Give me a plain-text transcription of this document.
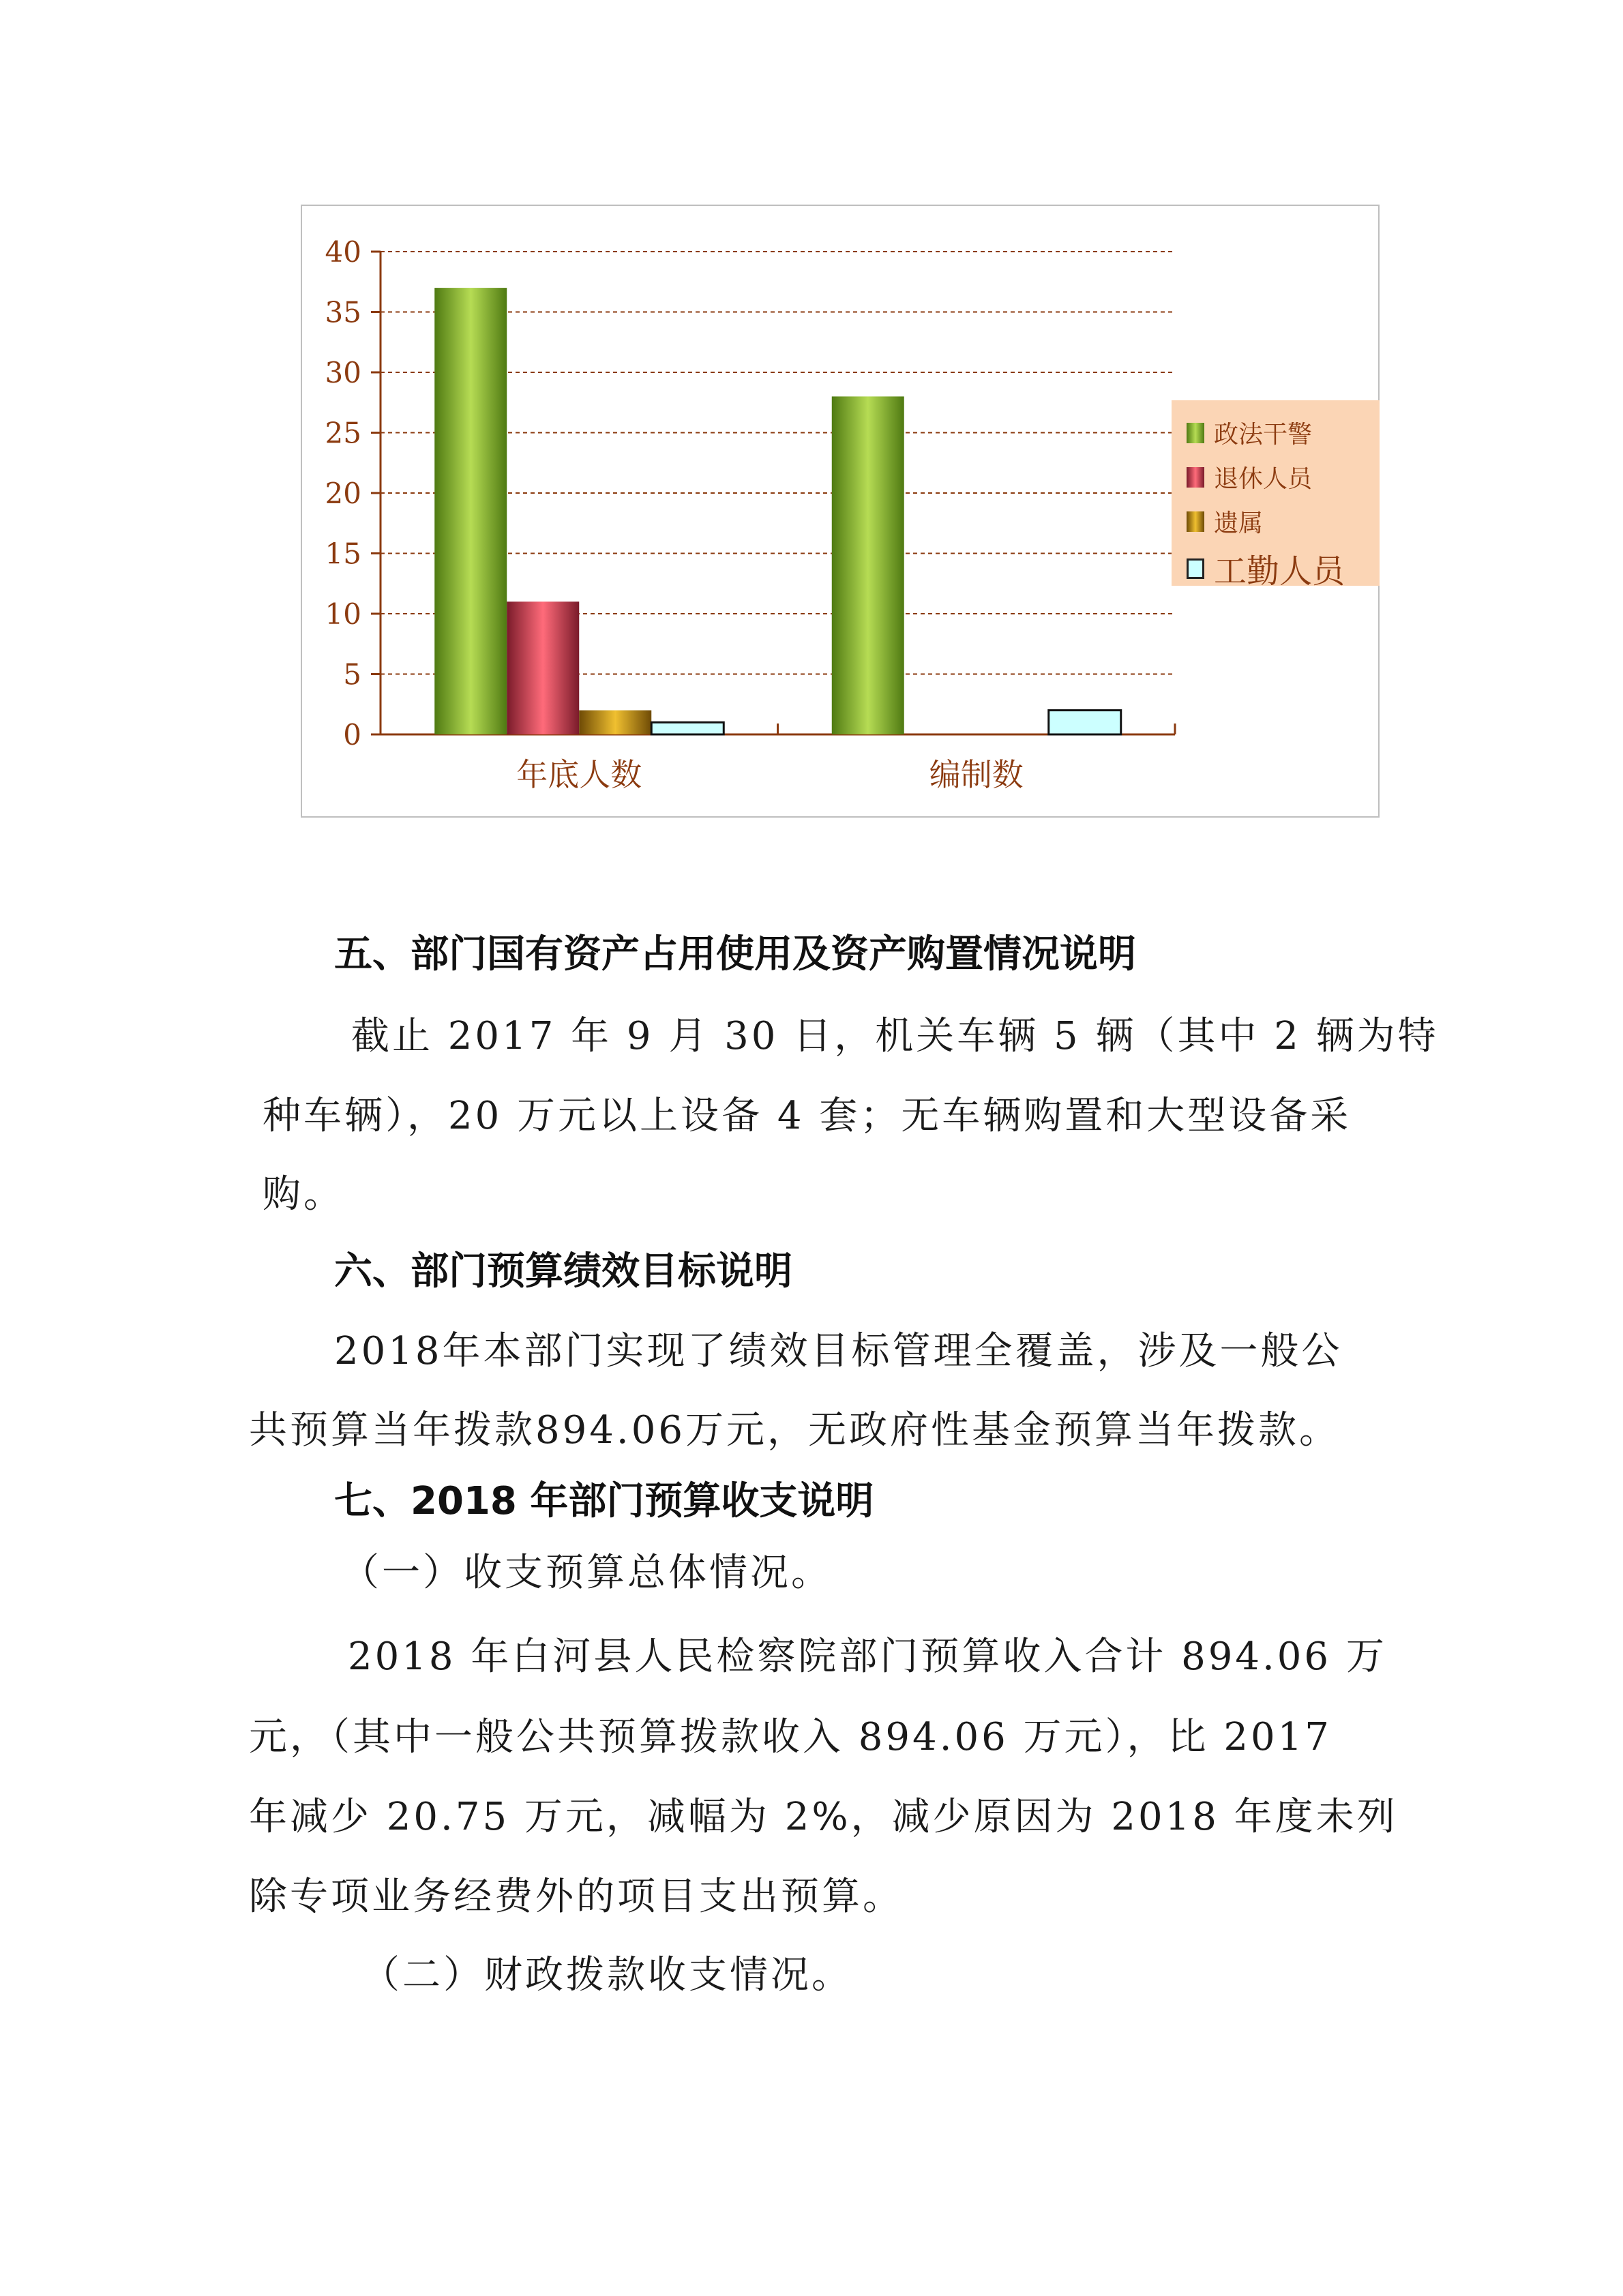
0
5
10
15
20
25
30
35
40
年底人数	编制数
政法干警
退休人员
遗属
工勤人员
五、部门国有资产占用使用及资产购置情况说明
截止 2017 年 9 月 30 日，机关车辆 5 辆（其中 2 辆为特
种车辆），20 万元以上设备 4 套；无车辆购置和大型设备采
购。
六、部门预算绩效目标说明
2018年本部门实现了绩效目标管理全覆盖，涉及一般公
共预算当年拨款894.06万元，无政府性基金预算当年拨款。
七、2018 年部门预算收支说明
（一）收支预算总体情况。
2018 年白河县人民检察院部门预算收入合计 894.06 万
元，（其中一般公共预算拨款收入 894.06 万元），比 2017
年减少 20.75 万元，减幅为 2%，减少原因为 2018 年度未列
除专项业务经费外的项目支出预算。
（二）财政拨款收支情况。
